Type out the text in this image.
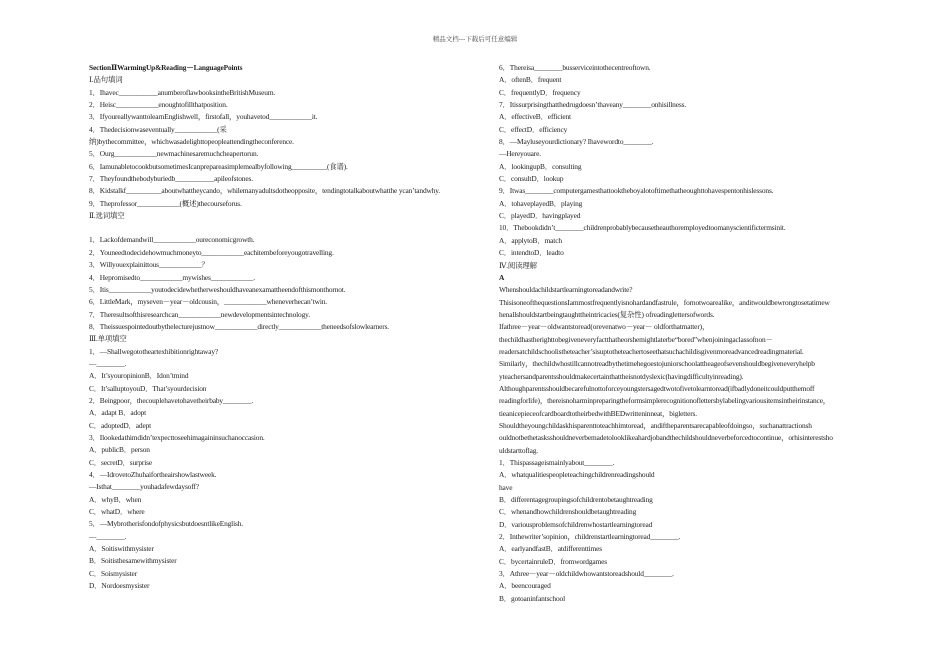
精品文档---下载后可任意编辑
SectionⅡWarmingUp&Reading－LanguagePoints
Ⅰ.品句填词
1．Ihavec___________anumberoflawbooksintheBritishMuseum.
2．Heisc____________enoughtofillthatposition.
3．IfyoureallywanttolearnEnglishwell，firstofall，youhavetod____________it.
4．Thedecisionwaseventually____________(采
纳)bythecommittee，whichwasadelighttopeopleattendingtheconference.
5．Ourg____________newmachinesaremuchcheapertorun.
6．IamunabletocookbutsometimesIcanprepareasimplemealbyfollowing__________(食谱).
7．Theyfoundthebodyburiedb___________apileofstones.
8．Kidstalkf__________aboutwhattheycando，whilemanyadultsdotheopposite，tendingtotalkaboutwhatthe ycan’tandwhy.
9．Theprofessor____________(概述)thecourseforus.
Ⅱ.选词填空
1．Lackofdemandwill____________oureconomicgrowth.
2．Youneedtodecidehowmuchmoneyto____________eachitembeforeyougotravelling.
3．Willyouexplainittous____________？
4．Hepromisedto____________mywishes____________.
5．Itis____________youtodecidewhetherweshouldhaveanexamattheendofthismonthornot.
6．LittleMark，myseven－year－oldcousin，____________wheneverhecan’twin.
7．Theresultsofthisresearchcan____________newdevelopmentsintechnology.
8．Theissuespointedoutbythelecturejustnow____________directly____________theneedsofslowlearners.
Ⅲ.单项填空
1．—Shallwegototheartexhibitionrightaway?
—________.
A．It’syouropinionB．Idon’tmind
C．It’salluptoyouD．That’syourdecision
2．Beingpoor，thecouplehavetohavetheirbaby________.
A．adapt B．adopt
C．adoptedD．adept
3．Ilookedathimdidn’texpecttoseehimagaininsuchanoccasion.
A．publicB．person
C．secretD．surprise
4．—IdrovetoZhuhaifortheairshowlastweek.
—Isthat________youhadafewdaysoff?
A．whyB．when
C．whatD．where
5．—MybrotherisfondofphysicsbutdoesntlikeEnglish.
—________.
A．Soitiswithmysister
B．Soitisthesamewithmysister
C．Soismysister
D．Nordoesmysister
6．Thereisa________busserviceintothecentreoftown.
A．oftenB．frequent
C．frequentlyD．frequency
7．Itissurprisingthatthedrugdoesn’thaveany________onhisillness.
A．effectiveB．efficient
C．effectD．efficiency
8．—Mayluseyourdictionary? Ihavewordto________.
—Hereyouare.
A．lookingupB．consulting
C．consultD．lookup
9．Itwas________computergamesthattooktheboyalotoftimethatheoughttohavespentonhislessons.
A．tohaveplayedB．playing
C．playedD．havingplayed
10．Thebookdidn’t________childrenprobablybecausetheauthoremployedtoomanyscientifictermsinit.
A．applytoB．match
C．intendtoD．leadto
Ⅳ.阅读理解
A
Whenshouldachildstartlearningtoreadandwrite?
ThisisoneofthequestionsIammostfrequentlyisnohardandfastrule，fornotwoarealike，anditwouldbewrongtosetatimew henallshouldstartbeingtaughttheintricacies(复杂性) ofreadinglettersofwords.
Ifathree－year－oldwantstoread(orevenatwo－year－ oldforthatmatter)，thechildhastherighttobegiveneveryfactthatheorshemightlaterbe“bored”whenjoiningaclassofnon－ readersatchildschoolistheteacher’sisuptotheteachertoseethatsuchachildisgivenmoreadvancedreadingmaterial.
Similarly，thechildwhostillcannotreadbythetimehegoestojuniorschoolattheageofsevenshouldbegiveneveryhelpb yteachersandparentsshouldmakecertainthattheisnotdyslexic(havingdifficultyinreading).
Althoughparentsshouldbecarefulnottoforceyoungstersagedtwotofivetolearntoread(ifbadlydoneitcouldputthemoff readingforlife)，thereisnoharminpreparingtheformsimplerecognitionoflettersbylabelingvariousitemsintheirinstance， tieanicepieceofcardboardtotheirbedwithBEDwritteninneat，bigletters.
Shouldtheyoungchildaskhisparenttoteachhimtoread，andiftheparentsarecapableofdoingso，suchanattractionsh ouldnotbethetasksshouldneverbemadetolooklikeahardjobandthechildshouldneverbeforcedtocontinue，orhisinterestsho uldstarttoflag.
1．Thispassageismainlyabout________.
A．whatqualitiespeopleteachingchildrenreadingshould
have
B．differentagegroupingsofchildrentobetaughtreading
C．whenandhowchildrenshouldbetaughtreading
D．variousproblemsofchildrenwhostartlearningtoread
2．Inthewriter’sopinion，childrenstartlearningtoread________.
A．earlyandfastB．atdifferenttimes
C．bycertainruleD．fromwordgames
3．Athree－year－oldchildwhowantstoreadshould________.
A．beencouraged
B．gotoaninfantschool
